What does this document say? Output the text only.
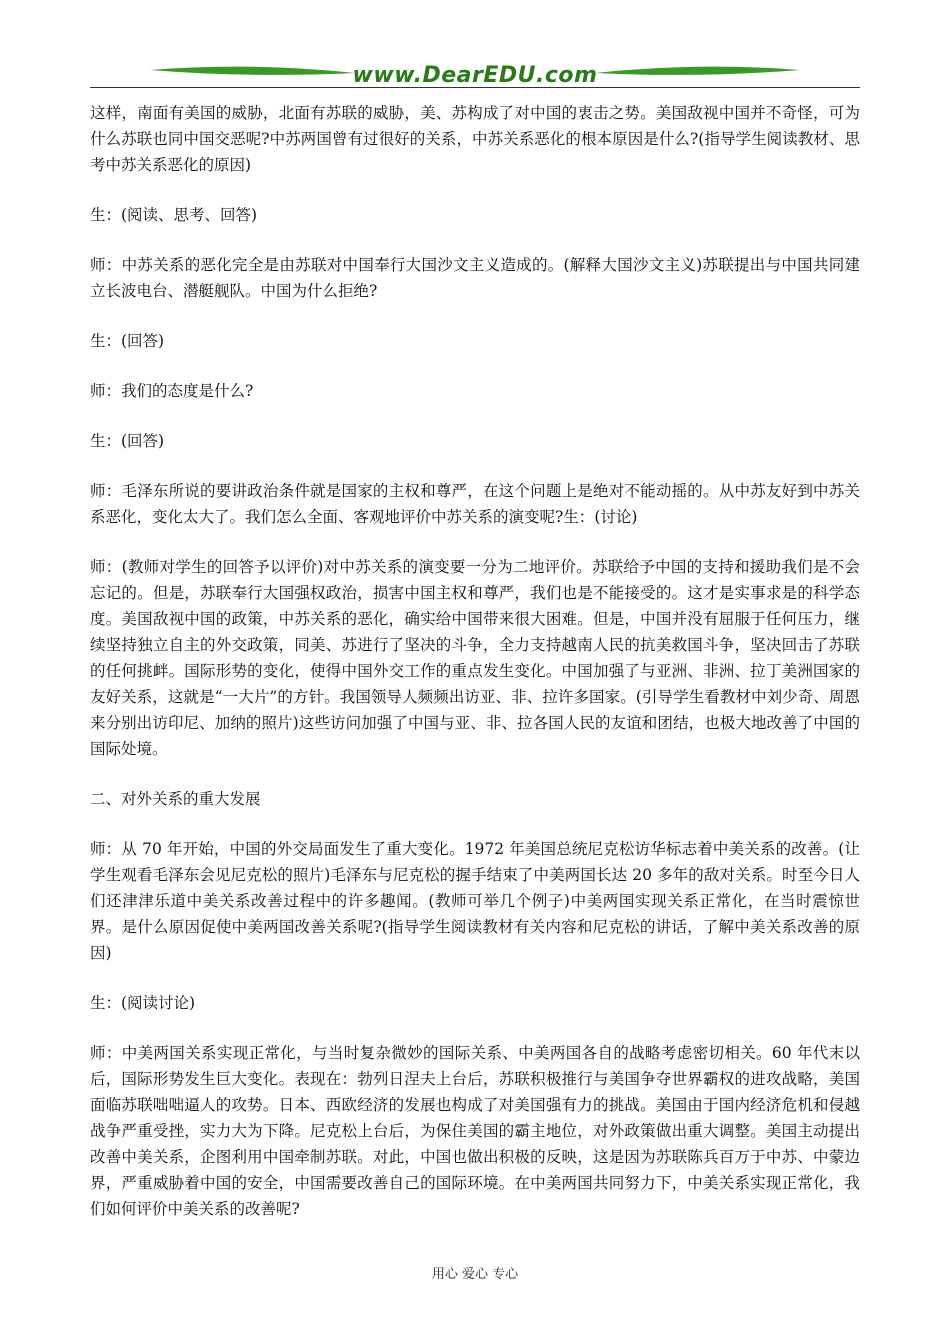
www.DearEDU.com

这样，南面有美国的威胁，北面有苏联的威胁，美、苏构成了对中国的衷击之势。美国敌视中国并不奇怪，可为什么苏联也同中国交恶呢?中苏两国曾有过很好的关系，中苏关系恶化的根本原因是什么?(指导学生阅读教材、思考中苏关系恶化的原因)

生：(阅读、思考、回答)

师：中苏关系的恶化完全是由苏联对中国奉行大国沙文主义造成的。(解释大国沙文主义)苏联提出与中国共同建立长波电台、潜艇舰队。中国为什么拒绝?

生：(回答)

师：我们的态度是什么?

生：(回答)

师：毛泽东所说的要讲政治条件就是国家的主权和尊严，在这个问题上是绝对不能动摇的。从中苏友好到中苏关系恶化，变化太大了。我们怎么全面、客观地评价中苏关系的演变呢?生：(讨论)

师：(教师对学生的回答予以评价)对中苏关系的演变要一分为二地评价。苏联给予中国的支持和援助我们是不会忘记的。但是，苏联奉行大国强权政治，损害中国主权和尊严，我们也是不能接受的。这才是实事求是的科学态度。美国敌视中国的政策，中苏关系的恶化，确实给中国带来很大困难。但是，中国并没有屈服于任何压力，继续坚持独立自主的外交政策，同美、苏进行了坚决的斗争，全力支持越南人民的抗美救国斗争，坚决回击了苏联的任何挑衅。国际形势的变化，使得中国外交工作的重点发生变化。中国加强了与亚洲、非洲、拉丁美洲国家的友好关系，这就是“一大片”的方针。我国领导人频频出访亚、非、拉许多国家。(引导学生看教材中刘少奇、周恩来分别出访印尼、加纳的照片)这些访问加强了中国与亚、非、拉各国人民的友谊和团结，也极大地改善了中国的国际处境。

二、对外关系的重大发展

师：从 70 年开始，中国的外交局面发生了重大变化。1972 年美国总统尼克松访华标志着中美关系的改善。(让学生观看毛泽东会见尼克松的照片)毛泽东与尼克松的握手结束了中美两国长达 20 多年的敌对关系。时至今日人们还津津乐道中美关系改善过程中的许多趣闻。(教师可举几个例子)中美两国实现关系正常化，在当时震惊世界。是什么原因促使中美两国改善关系呢?(指导学生阅读教材有关内容和尼克松的讲话，了解中美关系改善的原因)

生：(阅读讨论)

师：中美两国关系实现正常化，与当时复杂微妙的国际关系、中美两国各自的战略考虑密切相关。60 年代末以后，国际形势发生巨大变化。表现在：勃列日涅夫上台后，苏联积极推行与美国争夺世界霸权的进攻战略，美国面临苏联咄咄逼人的攻势。日本、西欧经济的发展也构成了对美国强有力的挑战。美国由于国内经济危机和侵越战争严重受挫，实力大为下降。尼克松上台后，为保住美国的霸主地位，对外政策做出重大调整。美国主动提出改善中美关系，企图利用中国牵制苏联。对此，中国也做出积极的反映，这是因为苏联陈兵百万于中苏、中蒙边界，严重威胁着中国的安全，中国需要改善自己的国际环境。在中美两国共同努力下，中美关系实现正常化，我们如何评价中美关系的改善呢?

用心 爱心 专心
